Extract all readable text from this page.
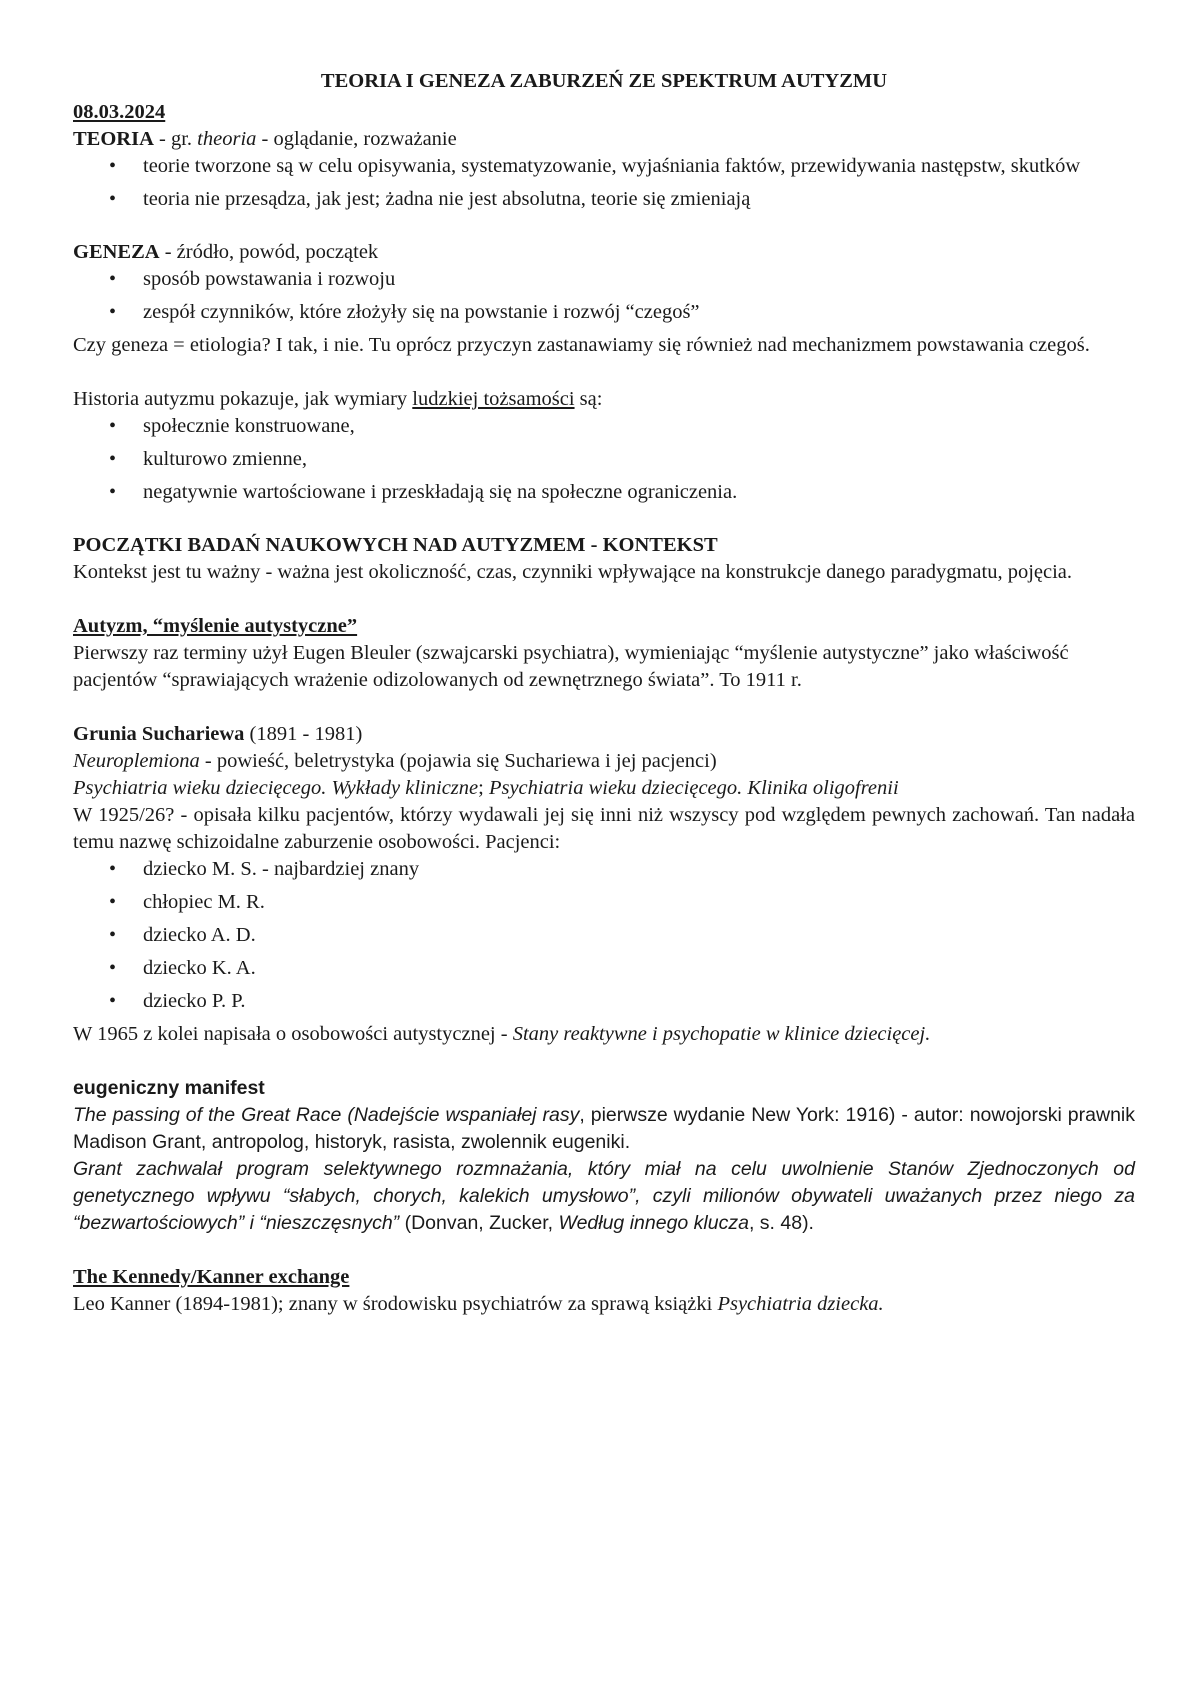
TEORIA I GENEZA ZABURZEŃ ZE SPEKTRUM AUTYZMU

08.03.2024

TEORIA - gr. theoria - oglądanie, rozważanie

• teorie tworzone są w celu opisywania, systematyzowanie, wyjaśniania faktów, przewidywania następstw, skutków
• teoria nie przesądza, jak jest; żadna nie jest absolutna, teorie się zmieniają

GENEZA - źródło, powód, początek

• sposób powstawania i rozwoju
• zespół czynników, które złożyły się na powstanie i rozwój “czegoś”

Czy geneza = etiologia? I tak, i nie. Tu oprócz przyczyn zastanawiamy się również nad mechanizmem powstawania czegoś.

Historia autyzmu pokazuje, jak wymiary ludzkiej tożsamości są:

• społecznie konstruowane,
• kulturowo zmienne,
• negatywnie wartościowane i przeskładają się na społeczne ograniczenia.

POCZĄTKI BADAŃ NAUKOWYCH NAD AUTYZMEM - KONTEKST

Kontekst jest tu ważny - ważna jest okoliczność, czas, czynniki wpływające na konstrukcje danego paradygmatu, pojęcia.

Autyzm, “myślenie autystyczne”

Pierwszy raz terminy użył Eugen Bleuler (szwajcarski psychiatra), wymieniając “myślenie autystyczne” jako właściwość pacjentów “sprawiających wrażenie odizolowanych od zewnętrznego świata”. To 1911 r.

Grunia Suchariewa (1891 - 1981)

Neuroplemiona - powieść, beletrystyka (pojawia się Suchariewa i jej pacjenci)

Psychiatria wieku dziecięcego. Wykłady kliniczne; Psychiatria wieku dziecięcego. Klinika oligofrenii

W 1925/26? - opisała kilku pacjentów, którzy wydawali jej się inni niż wszyscy pod względem pewnych zachowań. Tan nadała temu nazwę schizoidalne zaburzenie osobowości. Pacjenci:

• dziecko M. S. - najbardziej znany
• chłopiec M. R.
• dziecko A. D.
• dziecko K. A.
• dziecko P. P.

W 1965 z kolei napisała o osobowości autystycznej - Stany reaktywne i psychopatie w klinice dziecięcej.

eugeniczny manifest

The passing of the Great Race (Nadejście wspaniałej rasy, pierwsze wydanie New York: 1916) - autor: nowojorski prawnik Madison Grant, antropolog, historyk, rasista, zwolennik eugeniki.

Grant zachwalał program selektywnego rozmnażania, który miał na celu uwolnienie Stanów Zjednoczonych od genetycznego wpływu “słabych, chorych, kalekich umysłowo”, czyli milionów obywateli uważanych przez niego za “bezwartościowych” i “nieszczęsnych” (Donvan, Zucker, Według innego klucza, s. 48).

The Kennedy/Kanner exchange

Leo Kanner (1894-1981); znany w środowisku psychiatrów za sprawą książki Psychiatria dziecka.
